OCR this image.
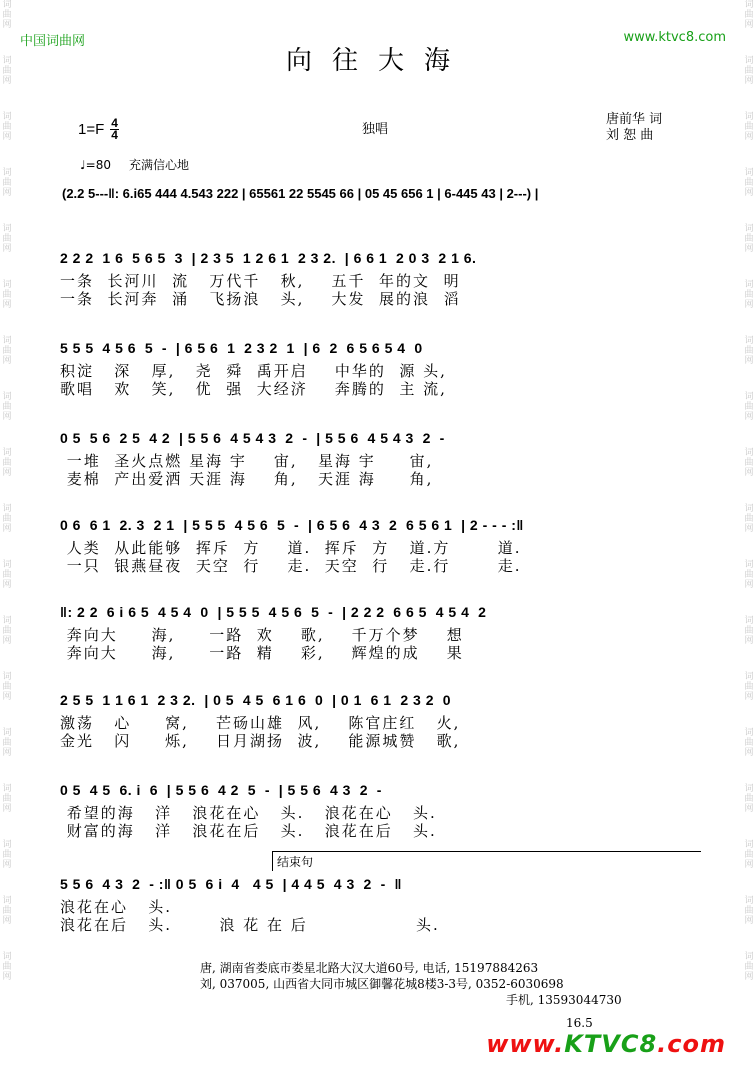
词曲网
词曲网
词曲网
词曲网
词曲网
词曲网
词曲网
词曲网
词曲网
词曲网
词曲网
词曲网
词曲网
词曲网
词曲网
词曲网
词曲网
词曲网
词曲网
词曲网
词曲网
词曲网
词曲网
词曲网
词曲网
词曲网
词曲网
词曲网
词曲网
词曲网
词曲网
词曲网
词曲网
词曲网
词曲网
词曲网
中国词曲网	www.ktvc8.com
向往大海
$1=F \frac{4}{4}$	独唱
唐前华 词
刘 恕 曲
♩=80 充满信心地
(2.2 5---‖: 6.i65 444 4.543 222 | 65561 22 5545 66 | 05 45 656 1 | 6-445 43 | 2---) |
2 2 2  1 6  5 6 5  3  | 2 3 5  1 2 6 1  2 3 2.  | 6 6 1  2 0 3  2 1 6.
一条  长河川  流   万代千   秋,    五千  年的文  明
一条  长河奔  涌   飞扬浪   头,    大发  展的浪  滔
5 5 5  4 5 6  5  -  | 6 5 6  1  2 3 2  1  | 6  2  6 5 6 5 4  0
积淀   深   厚,   尧  舜  禹开启    中华的  源 头,
歌唱   欢   笑,   优  强  大经济    奔腾的  主 流,
0 5  5 6  2 5  4 2  | 5 5 6  4 5 4 3  2  -  | 5 5 6  4 5 4 3  2  -
一堆  圣火点燃 星海 宇    宙,   星海 宇     宙,
麦棉  产出爱洒 天涯 海    角,   天涯 海     角,
0 6  6 1  2. 3  2 1  | 5 5 5  4 5 6  5  -  | 6 5 6  4 3  2  6 5 6 1  | 2 - - - :‖
人类  从此能够  挥斥  方    道.  挥斥  方   道.方       道.
一只  银燕昼夜  天空  行    走.  天空  行   走.行       走.
‖: 2 2  6 i 6 5  4 5 4  0  | 5 5 5  4 5 6  5  -  | 2 2 2  6 6 5  4 5 4  2
奔向大     海,     一路  欢    歌,    千万个梦    想
奔向大     海,     一路  精    彩,    辉煌的成    果
2 5 5  1 1 6 1  2 3 2.  | 0 5  4 5  6 1 6  0  | 0 1  6 1  2 3 2  0
激荡   心     窝,    芒砀山雄  风,    陈官庄红   火,
金光   闪     烁,    日月湖扬  波,    能源城赞   歌,
0 5  4 5  6. i  6  | 5 5 6  4 2  5  -  | 5 5 6  4 3  2  -
希望的海   洋   浪花在心   头.   浪花在心   头.
财富的海   洋   浪花在后   头.   浪花在后   头.
结束句
5 5 6  4 3  2  - :‖ 0 5  6 i  4   4 5  | 4 4 5  4 3  2  -  ‖
浪花在心   头.
浪花在后   头.       浪 花 在 后                头.
唐, 湖南省娄底市娄星北路大汉大道60号, 电话, 15197884263
刘, 037005, 山西省大同市城区御馨花城8楼3-3号, 0352-6030698
手机, 13593044730
16.5
www.KTVC8.com
